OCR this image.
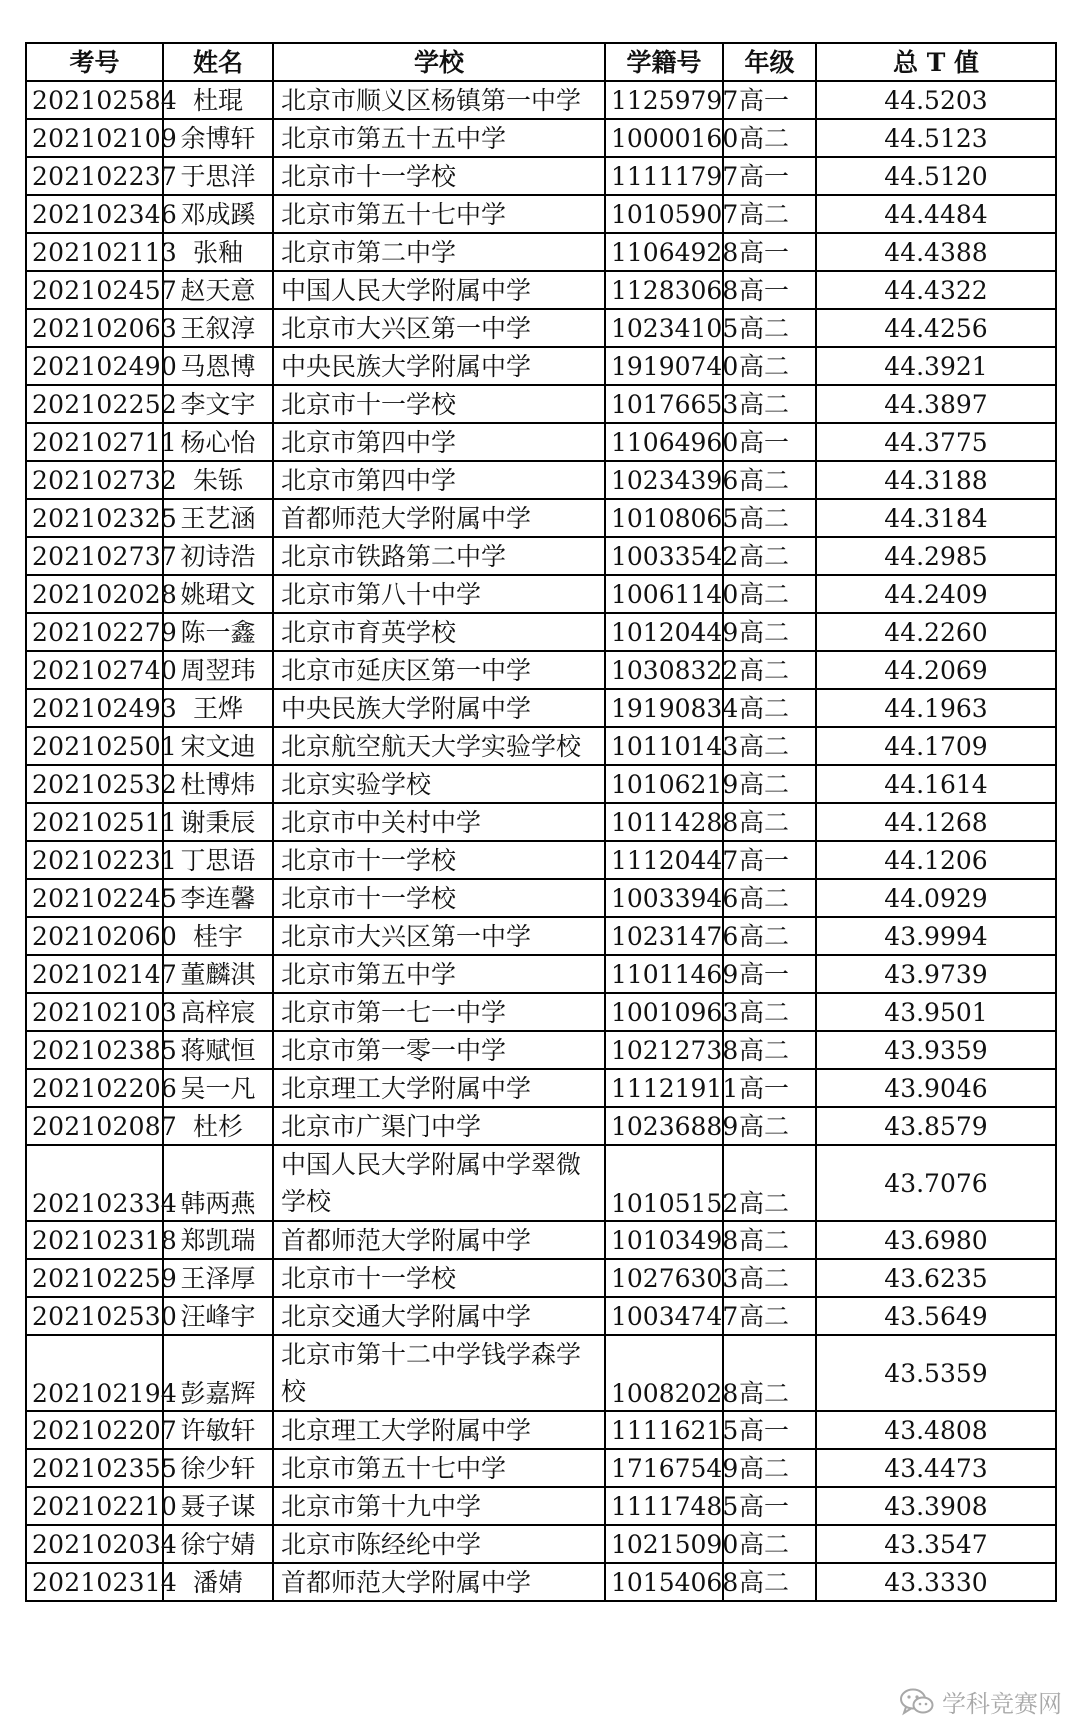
考号	姓名	学校	学籍号	年级	总 T 值
202102584	杜琨	北京市顺义区杨镇第一中学	11259797	高一	44.5203
202102109	余博轩	北京市第五十五中学	10000160	高二	44.5123
202102237	于思洋	北京市十一学校	11111797	高一	44.5120
202102346	邓成蹊	北京市第五十七中学	10105907	高二	44.4484
202102113	张釉	北京市第二中学	11064928	高一	44.4388
202102457	赵天意	中国人民大学附属中学	11283068	高一	44.4322
202102063	王叙淳	北京市大兴区第一中学	10234105	高二	44.4256
202102490	马恩博	中央民族大学附属中学	19190740	高二	44.3921
202102252	李文宇	北京市十一学校	10176653	高二	44.3897
202102711	杨心怡	北京市第四中学	11064960	高一	44.3775
202102732	朱铄	北京市第四中学	10234396	高二	44.3188
202102325	王艺涵	首都师范大学附属中学	10108065	高二	44.3184
202102737	初诗浩	北京市铁路第二中学	10033542	高二	44.2985
202102028	姚珺文	北京市第八十中学	10061140	高二	44.2409
202102279	陈一鑫	北京市育英学校	10120449	高二	44.2260
202102740	周翌玮	北京市延庆区第一中学	10308322	高二	44.2069
202102493	王烨	中央民族大学附属中学	19190834	高二	44.1963
202102501	宋文迪	北京航空航天大学实验学校	10110143	高二	44.1709
202102532	杜博炜	北京实验学校	10106219	高二	44.1614
202102511	谢秉辰	北京市中关村中学	10114288	高二	44.1268
202102231	丁思语	北京市十一学校	11120447	高一	44.1206
202102245	李连馨	北京市十一学校	10033946	高二	44.0929
202102060	桂宇	北京市大兴区第一中学	10231476	高二	43.9994
202102147	董麟淇	北京市第五中学	11011469	高一	43.9739
202102103	高梓宸	北京市第一七一中学	10010963	高二	43.9501
202102385	蒋赋恒	北京市第一零一中学	10212738	高二	43.9359
202102206	吴一凡	北京理工大学附属中学	11121911	高一	43.9046
202102087	杜杉	北京市广渠门中学	10236889	高二	43.8579
202102334	韩两燕	中国人民大学附属中学翠微学校	10105152	高二	43.7076
202102318	郑凯瑞	首都师范大学附属中学	10103498	高二	43.6980
202102259	王泽厚	北京市十一学校	10276303	高二	43.6235
202102530	汪峰宇	北京交通大学附属中学	10034747	高二	43.5649
202102194	彭嘉辉	北京市第十二中学钱学森学校	10082028	高二	43.5359
202102207	许敏轩	北京理工大学附属中学	11116215	高一	43.4808
202102355	徐少轩	北京市第五十七中学	17167549	高二	43.4473
202102210	聂子谋	北京市第十九中学	11117485	高一	43.3908
202102034	徐宁婧	北京市陈经纶中学	10215090	高二	43.3547
202102314	潘婧	首都师范大学附属中学	10154068	高二	43.3330
学科竞赛网
